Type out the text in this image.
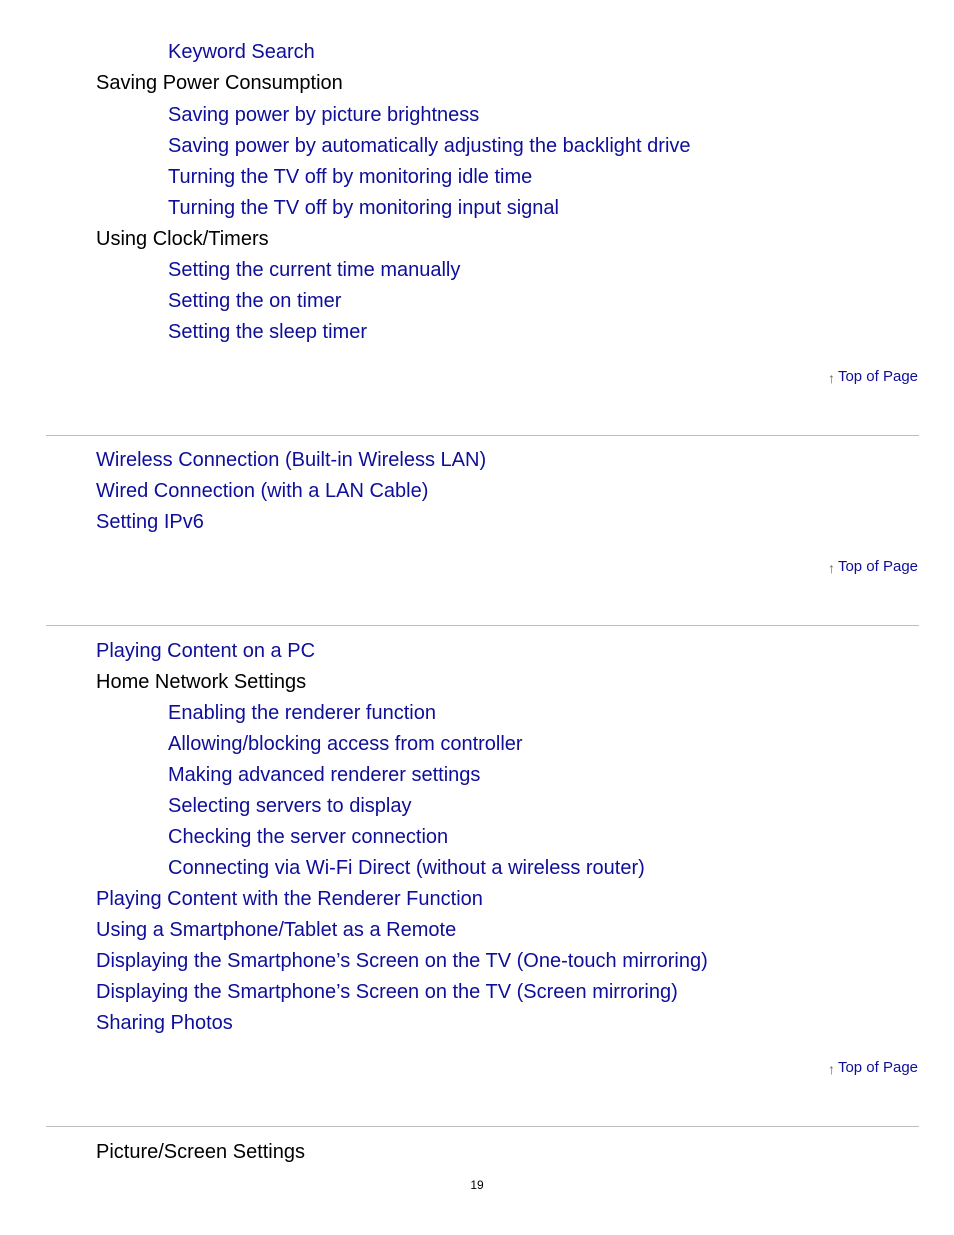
Keyword Search
Saving Power Consumption
Saving power by picture brightness
Saving power by automatically adjusting the backlight drive
Turning the TV off by monitoring idle time
Turning the TV off by monitoring input signal
Using Clock/Timers
Setting the current time manually
Setting the on timer
Setting the sleep timer
↑ Top of Page
Wireless Connection (Built-in Wireless LAN)
Wired Connection (with a LAN Cable)
Setting IPv6
↑ Top of Page
Playing Content on a PC
Home Network Settings
Enabling the renderer function
Allowing/blocking access from controller
Making advanced renderer settings
Selecting servers to display
Checking the server connection
Connecting via Wi-Fi Direct (without a wireless router)
Playing Content with the Renderer Function
Using a Smartphone/Tablet as a Remote
Displaying the Smartphone’s Screen on the TV (One-touch mirroring)
Displaying the Smartphone’s Screen on the TV (Screen mirroring)
Sharing Photos
↑ Top of Page
Picture/Screen Settings
19
